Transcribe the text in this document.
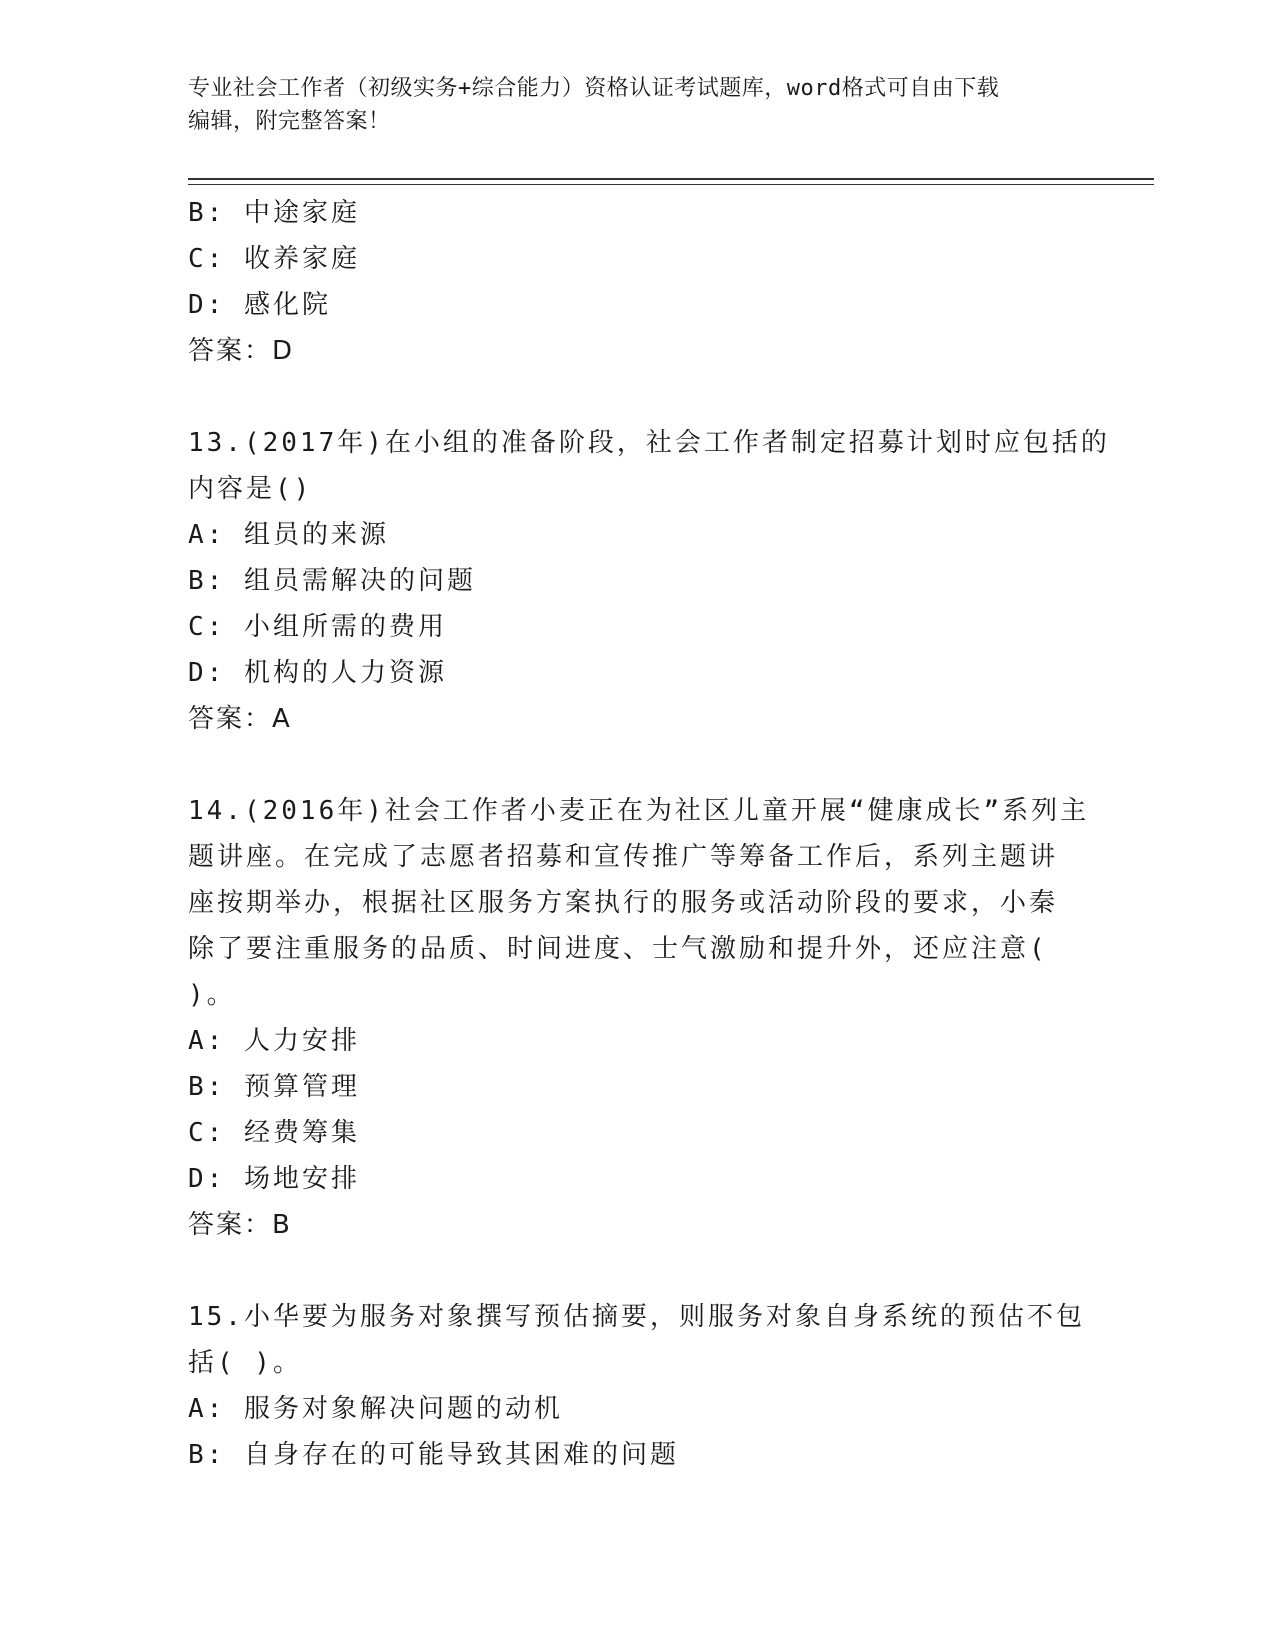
专业社会工作者（初级实务+综合能力）资格认证考试题库，word格式可自由下载
编辑，附完整答案！
B: 中途家庭
C: 收养家庭
D: 感化院
答案：D
13.(2017年)在小组的准备阶段，社会工作者制定招募计划时应包括的
内容是()
A: 组员的来源
B: 组员需解决的问题
C: 小组所需的费用
D: 机构的人力资源
答案：A
14.(2016年)社会工作者小麦正在为社区儿童开展“健康成长”系列主
题讲座。在完成了志愿者招募和宣传推广等筹备工作后，系列主题讲
座按期举办，根据社区服务方案执行的服务或活动阶段的要求，小秦
除了要注重服务的品质、时间进度、士气激励和提升外，还应注意(
)。
A: 人力安排
B: 预算管理
C: 经费筹集
D: 场地安排
答案：B
15.小华要为服务对象撰写预估摘要，则服务对象自身系统的预估不包
括( )。
A: 服务对象解决问题的动机
B: 自身存在的可能导致其困难的问题
